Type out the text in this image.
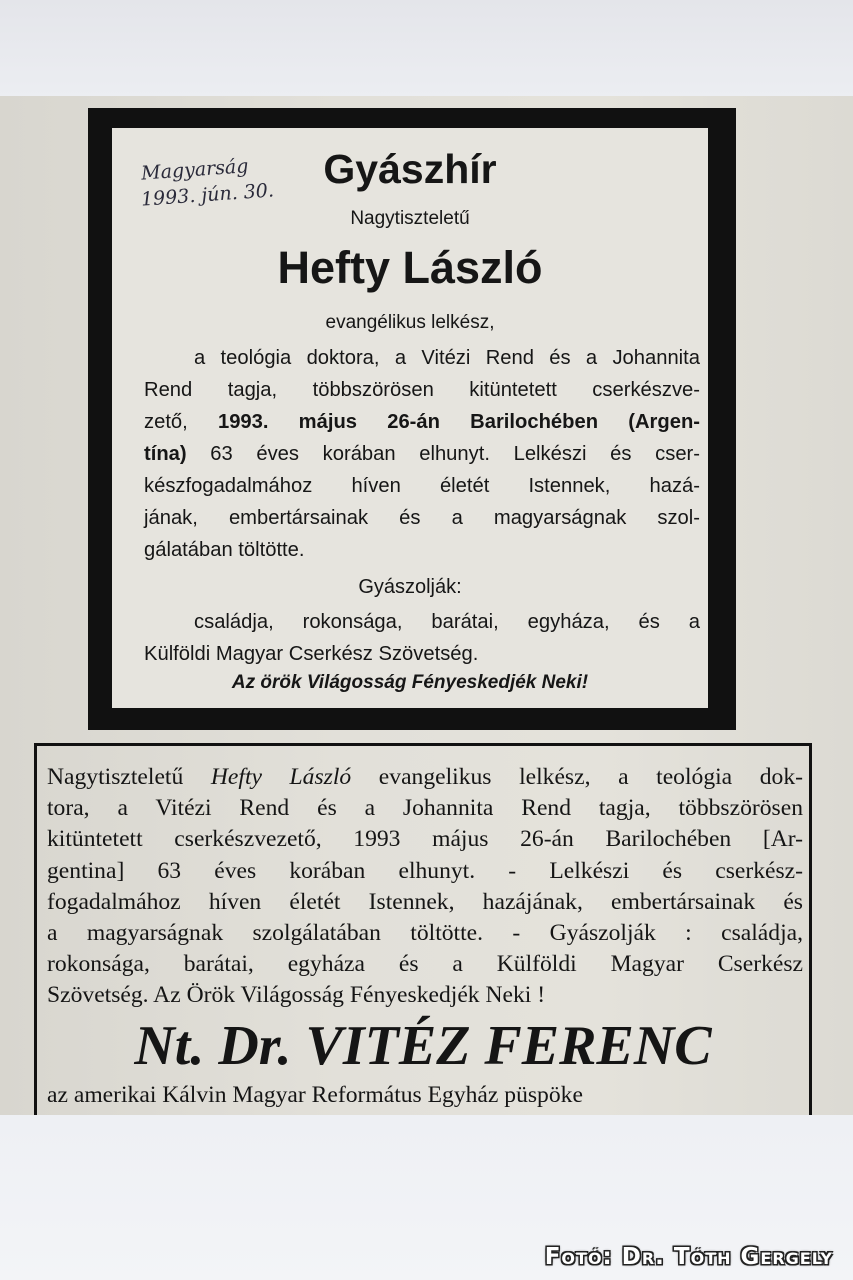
Magyarság
1993. jún. 30.
Gyászhír
Nagytiszteletű
Hefty László
evangélikus lelkész,
a teológia doktora, a Vitézi Rend és a Johannita
Rend tagja, többszörösen kitüntetett cserkészve-
zető, 1993. május 26-án Barilochében (Argen-
tína) 63 éves korában elhunyt. Lelkészi és cser-
készfogadalmához híven életét Istennek, hazá-
jának, embertársainak és a magyarságnak szol-
gálatában töltötte.
Gyászolják:
családja, rokonsága, barátai, egyháza, és a
Külföldi Magyar Cserkész Szövetség.
Az örök Világosság Fényeskedjék Neki!
Nagytiszteletű Hefty László evangelikus lelkész, a teológia dok-
tora, a Vitézi Rend és a Johannita Rend tagja, többszörösen
kitüntetett cserkészvezető, 1993 május 26-án Barilochében [Ar-
gentina] 63 éves korában elhunyt. - Lelkészi és cserkész-
fogadalmához híven életét Istennek, hazájának, embertársainak és
a magyarságnak szolgálatában töltötte. - Gyászolják : családja,
rokonsága, barátai, egyháza és a Külföldi Magyar Cserkész
Szövetség. Az Örök Világosság Fényeskedjék Neki !
Nt. Dr. VITÉZ FERENC
az amerikai Kálvin Magyar Református Egyház püspöke
Fotó: Dr. Tóth Gergely
